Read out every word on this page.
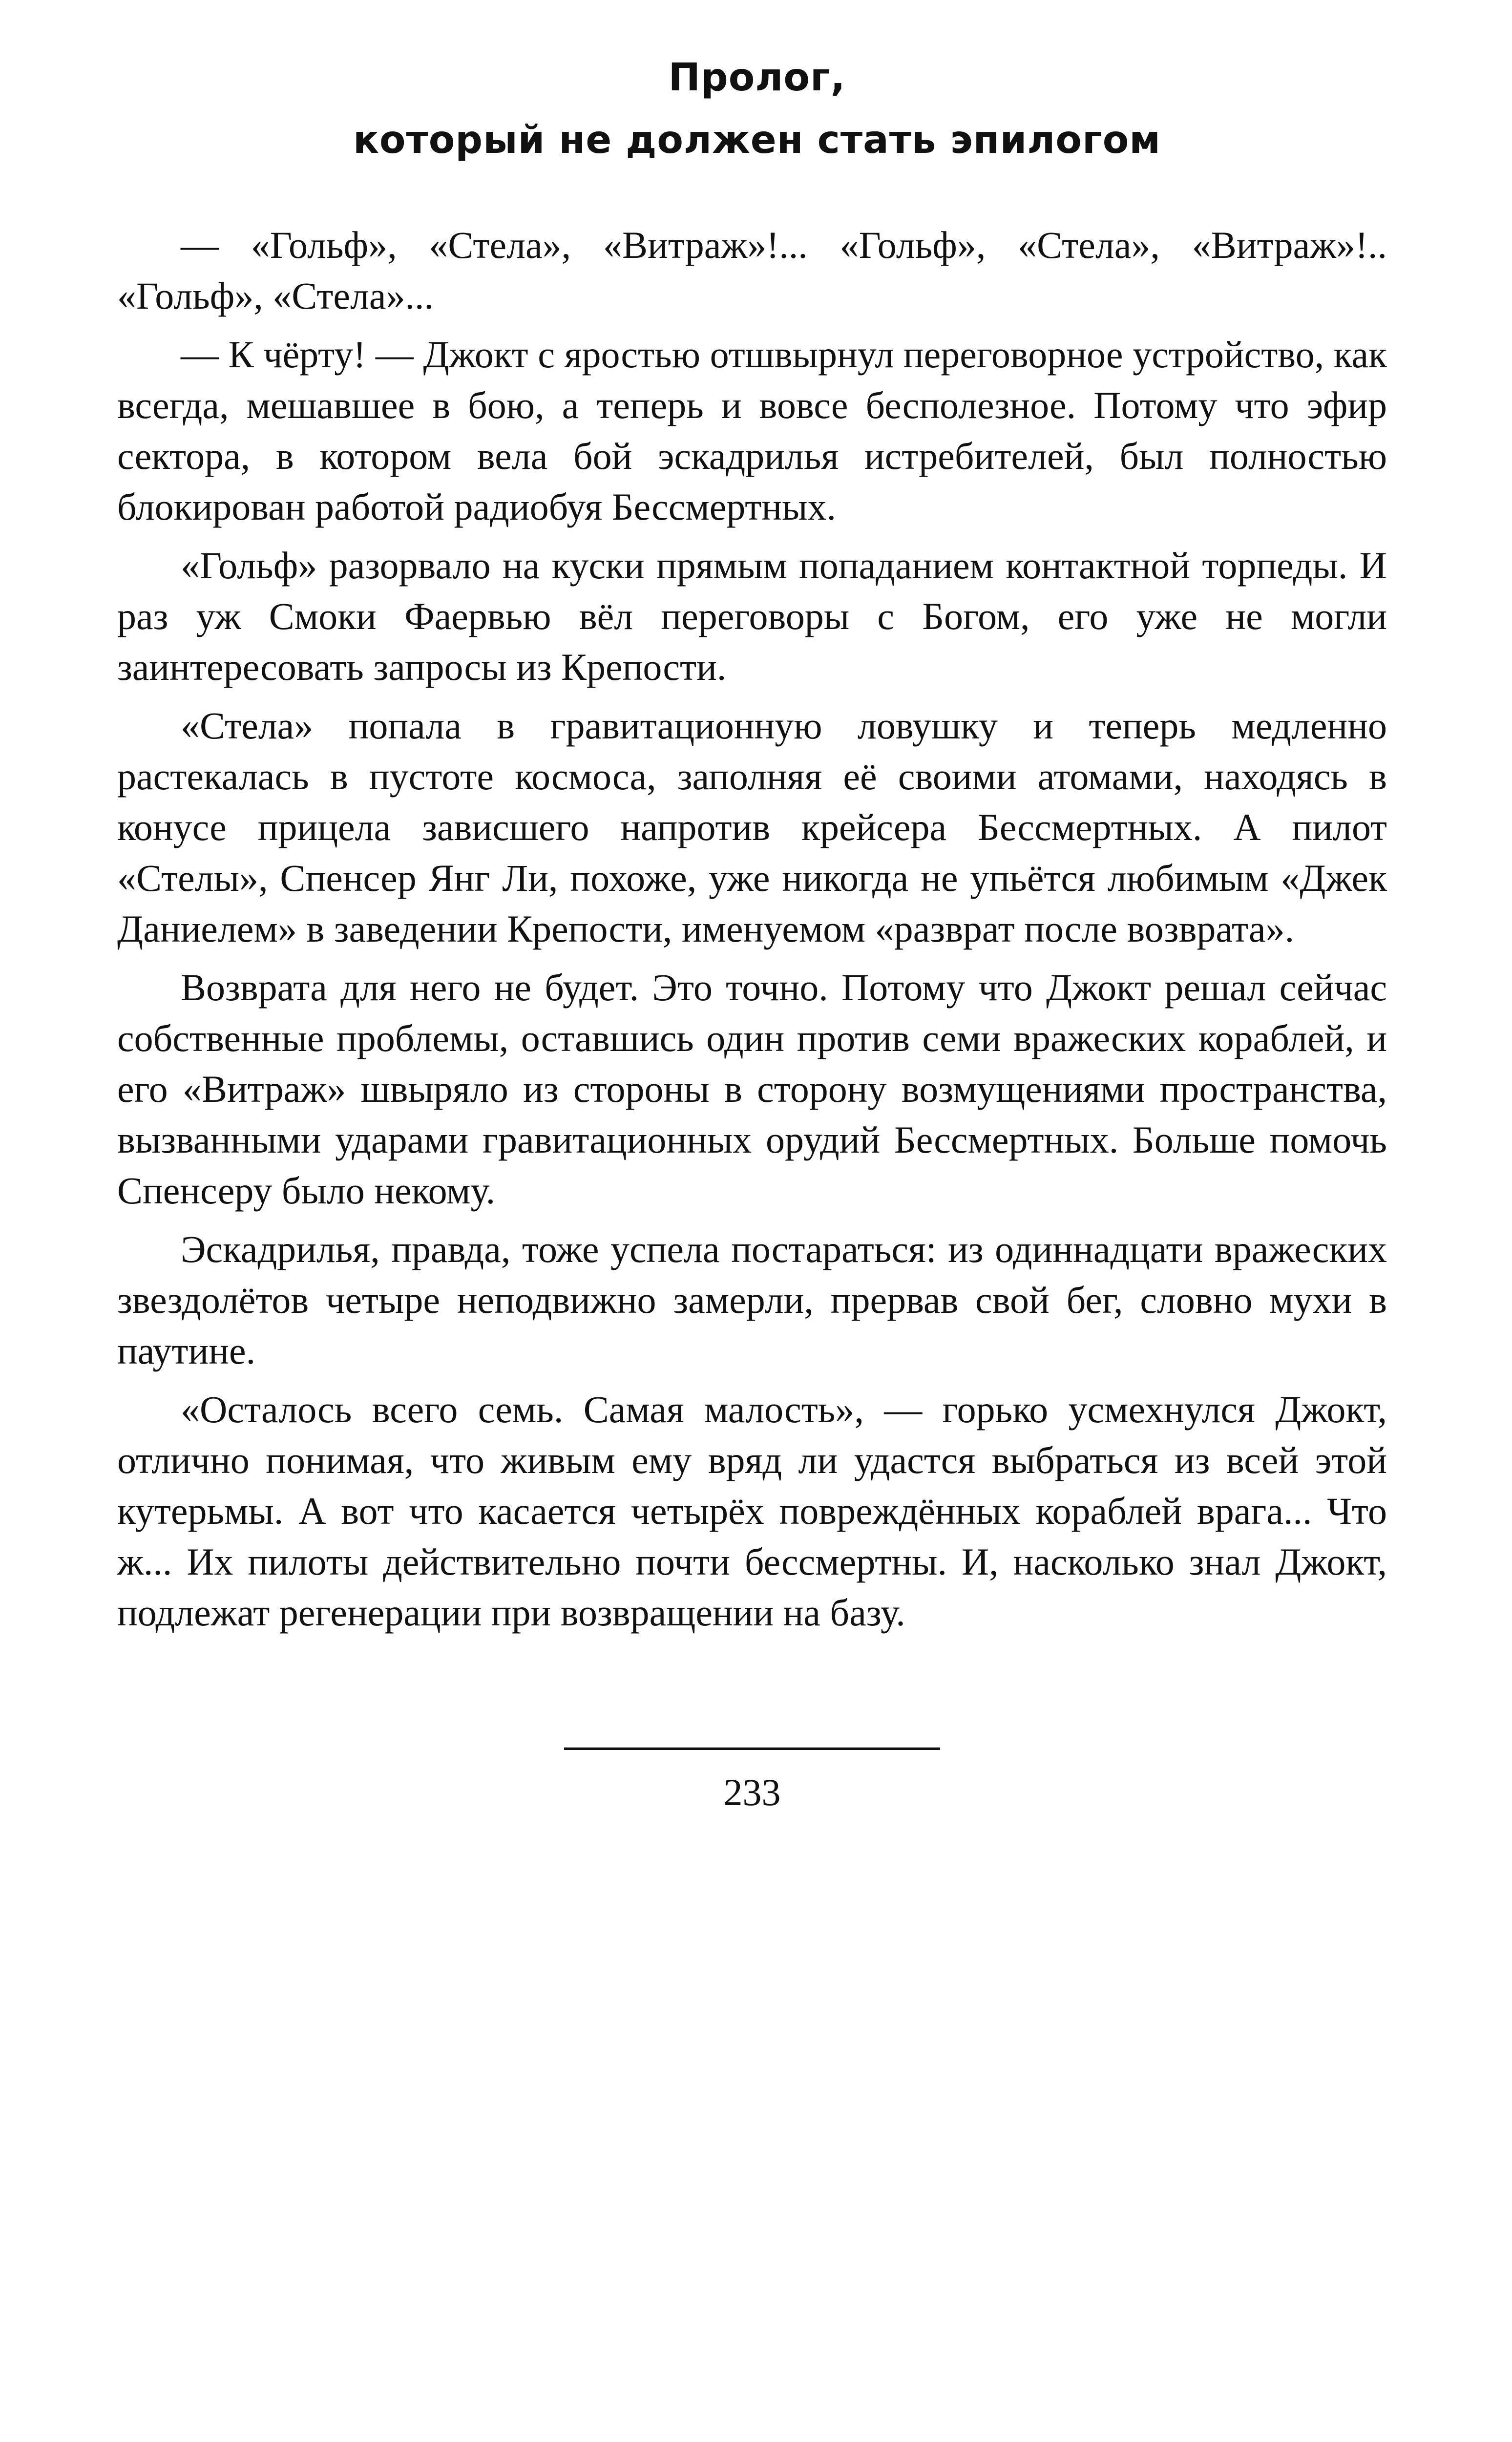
Пролог,
который не должен стать эпилогом

— «Гольф», «Стела», «Витраж»!... «Гольф», «Стела», «Витраж»!.. «Гольф», «Стела»...

— К чёрту! — Джокт с яростью отшвырнул переговорное устройство, как всегда, мешавшее в бою, а теперь и вовсе бесполезное. Потому что эфир сектора, в котором вела бой эскадрилья истребителей, был полностью блокирован работой радиобуя Бессмертных.

«Гольф» разорвало на куски прямым попаданием контактной торпеды. И раз уж Смоки Фаервью вёл переговоры с Богом, его уже не могли заинтересовать запросы из Крепости.

«Стела» попала в гравитационную ловушку и теперь медленно растекалась в пустоте космоса, заполняя её своими атомами, находясь в конусе прицела зависшего напротив крейсера Бессмертных. А пилот «Стелы», Спенсер Янг Ли, похоже, уже никогда не упьётся любимым «Джек Даниелем» в заведении Крепости, именуемом «разврат после возврата».

Возврата для него не будет. Это точно. Потому что Джокт решал сейчас собственные проблемы, оставшись один против семи вражеских кораблей, и его «Витраж» швыряло из стороны в сторону возмущениями пространства, вызванными ударами гравитационных орудий Бессмертных. Больше помочь Спенсеру было некому.

Эскадрилья, правда, тоже успела постараться: из одиннадцати вражеских звездолётов четыре неподвижно замерли, прервав свой бег, словно мухи в паутине.

«Осталось всего семь. Самая малость», — горько усмехнулся Джокт, отлично понимая, что живым ему вряд ли удастся выбраться из всей этой кутерьмы. А вот что касается четырёх повреждённых кораблей врага... Что ж... Их пилоты действительно почти бессмертны. И, насколько знал Джокт, подлежат регенерации при возвращении на базу.

233
